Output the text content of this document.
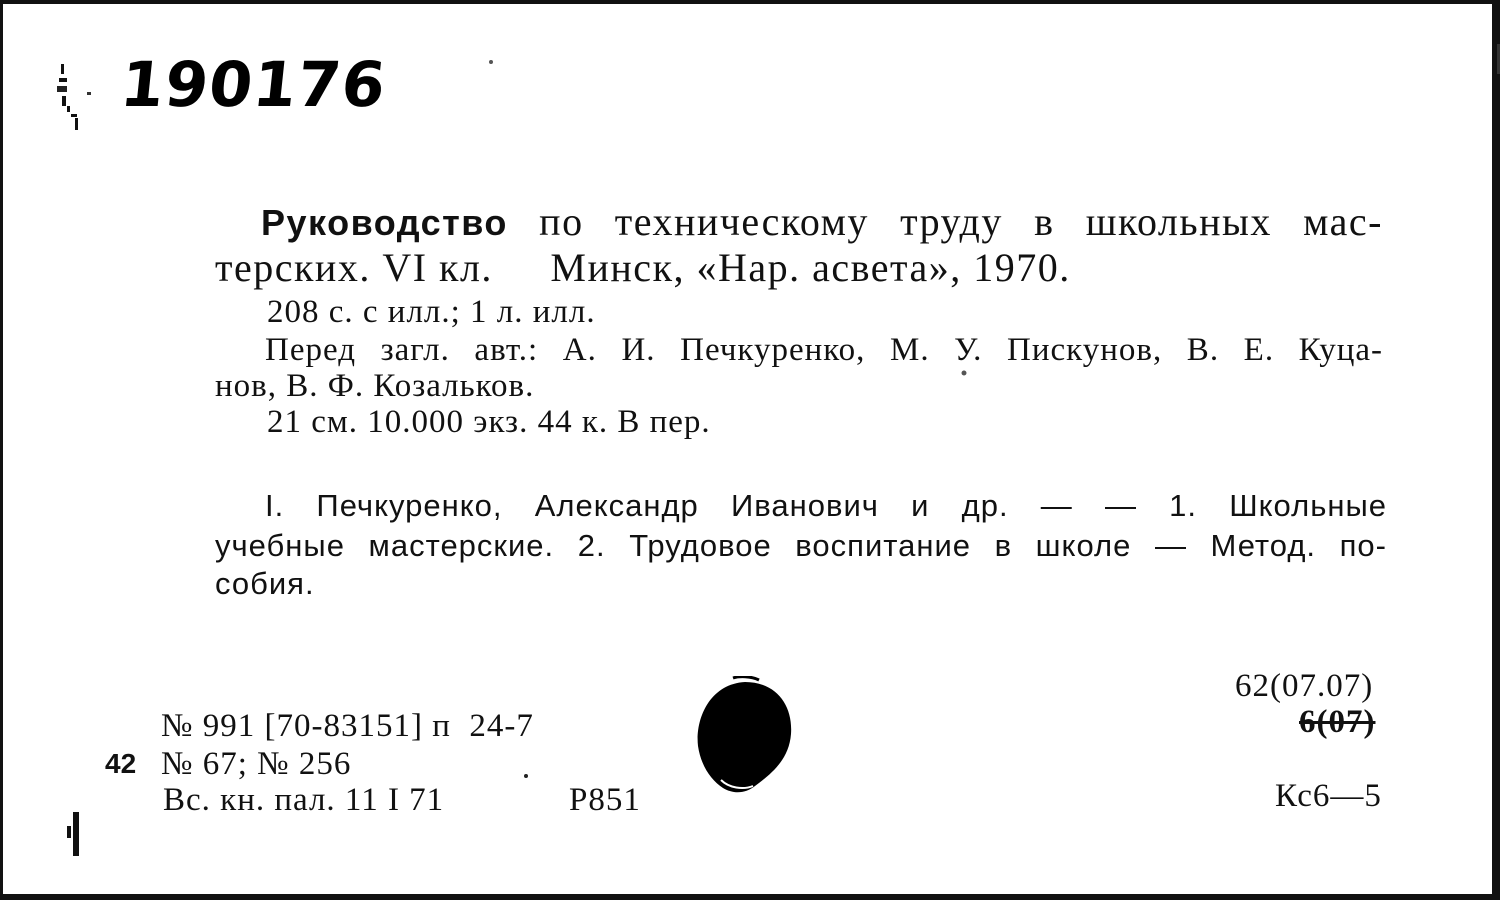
190176
Руководство по техническому труду в школьных мас-
терских. VI кл.     Минск, «Нар. асвета», 1970.
208 с. с илл.; 1 л. илл.
Перед загл. авт.: А. И. Печкуренко, М. У. Пискунов, В. Е. Куца-
нов, В. Ф. Козальков.
21 см. 10.000 экз. 44 к. В пер.
I. Печкуренко, Александр Иванович и др. — — 1. Школьные
учебные мастерские. 2. Трудовое воспитание в школе — Метод. по-
собия.
62(07.07)
6(07)
№ 991 [70-83151] п  24-7
42 № 67; № 256
Вс. кн. пал. 11 I 71	Р851	Кс6—5
